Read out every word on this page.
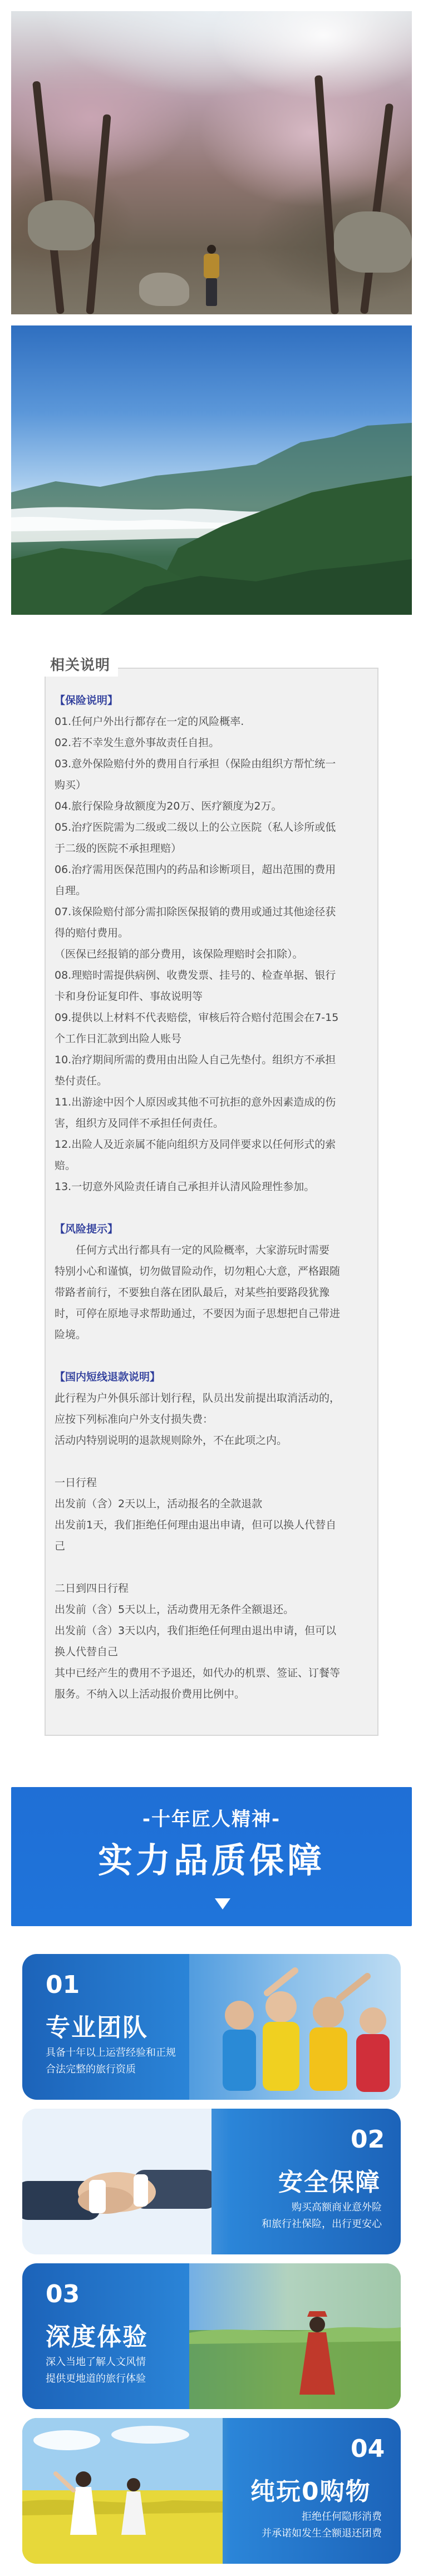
相关说明
【保险说明】
01.任何户外出行都存在一定的风险概率.
02.若不幸发生意外事故责任自担。
03.意外保险赔付外的费用自行承担（保险由组织方帮忙统一
购买）
04.旅行保险身故额度为20万、医疗额度为2万。
05.治疗医院需为二级或二级以上的公立医院（私人诊所或低
于二级的医院不承担理赔）
06.治疗需用医保范围内的药品和诊断项目，超出范围的费用
自理。
07.该保险赔付部分需扣除医保报销的费用或通过其他途径获
得的赔付费用。
（医保已经报销的部分费用，该保险理赔时会扣除）。
08.理赔时需提供病例、收费发票、挂号的、检查单据、银行
卡和身份证复印件、事故说明等
09.提供以上材料不代表赔偿，审核后符合赔付范围会在7-15
个工作日汇款到出险人账号
10.治疗期间所需的费用由出险人自己先垫付。组织方不承担
垫付责任。
11.出游途中因个人原因或其他不可抗拒的意外因素造成的伤
害，组织方及同伴不承担任何责任。
12.出险人及近亲属不能向组织方及同伴要求以任何形式的索
赔。
13.一切意外风险责任请自己承担并认清风险理性参加。
【风险提示】
　　任何方式出行都具有一定的风险概率，大家游玩时需要
特别小心和谨慎，切勿做冒险动作，切勿粗心大意，严格跟随
带路者前行，不要独自落在团队最后，对某些拍要路段犹豫
时，可停在原地寻求帮助通过，不要因为面子思想把自己带进
险境。
【国内短线退款说明】
此行程为户外俱乐部计划行程，队员出发前提出取消活动的，
应按下列标准向户外支付损失费：
活动内特别说明的退款规则除外，不在此项之内。
一日行程
出发前（含）2天以上，活动报名的全款退款
出发前1天，我们拒绝任何理由退出申请，但可以换人代替自
己
二日到四日行程
出发前（含）5天以上，活动费用无条件全额退还。
出发前（含）3天以内，我们拒绝任何理由退出申请，但可以
换人代替自己
其中已经产生的费用不予退还，如代办的机票、签证、订餐等
服务。不纳入以上活动报价费用比例中。
-十年匠人精神-
实力品质保障
01
专业团队
具备十年以上运营经验和正规
合法完整的旅行资质
02
安全保障
购买高额商业意外险
和旅行社保险，出行更安心
03
深度体验
深入当地了解人文风情
提供更地道的旅行体验
04
纯玩0购物
拒绝任何隐形消费
并承诺如发生全额退还团费
